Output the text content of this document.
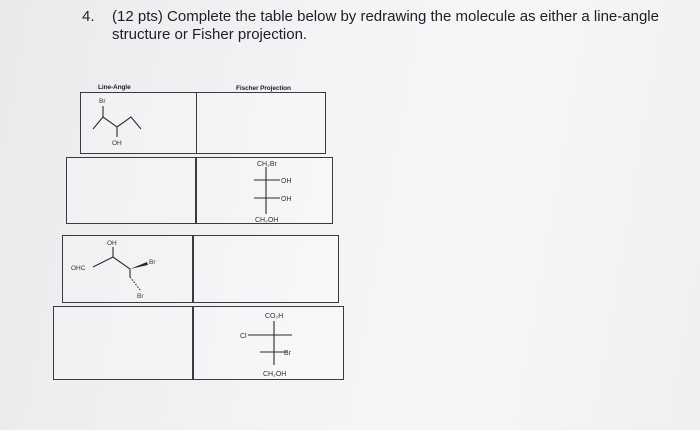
4. (12 pts) Complete the table below by redrawing the molecule as either a line-angle structure or Fisher projection.
Line-Angle	Fischer Projection
Br
OH
CH₂Br
OH
OH
CH₂OH
OHC
OH
Br
Br
CO₂H
Cl
Br
CH₂OH
